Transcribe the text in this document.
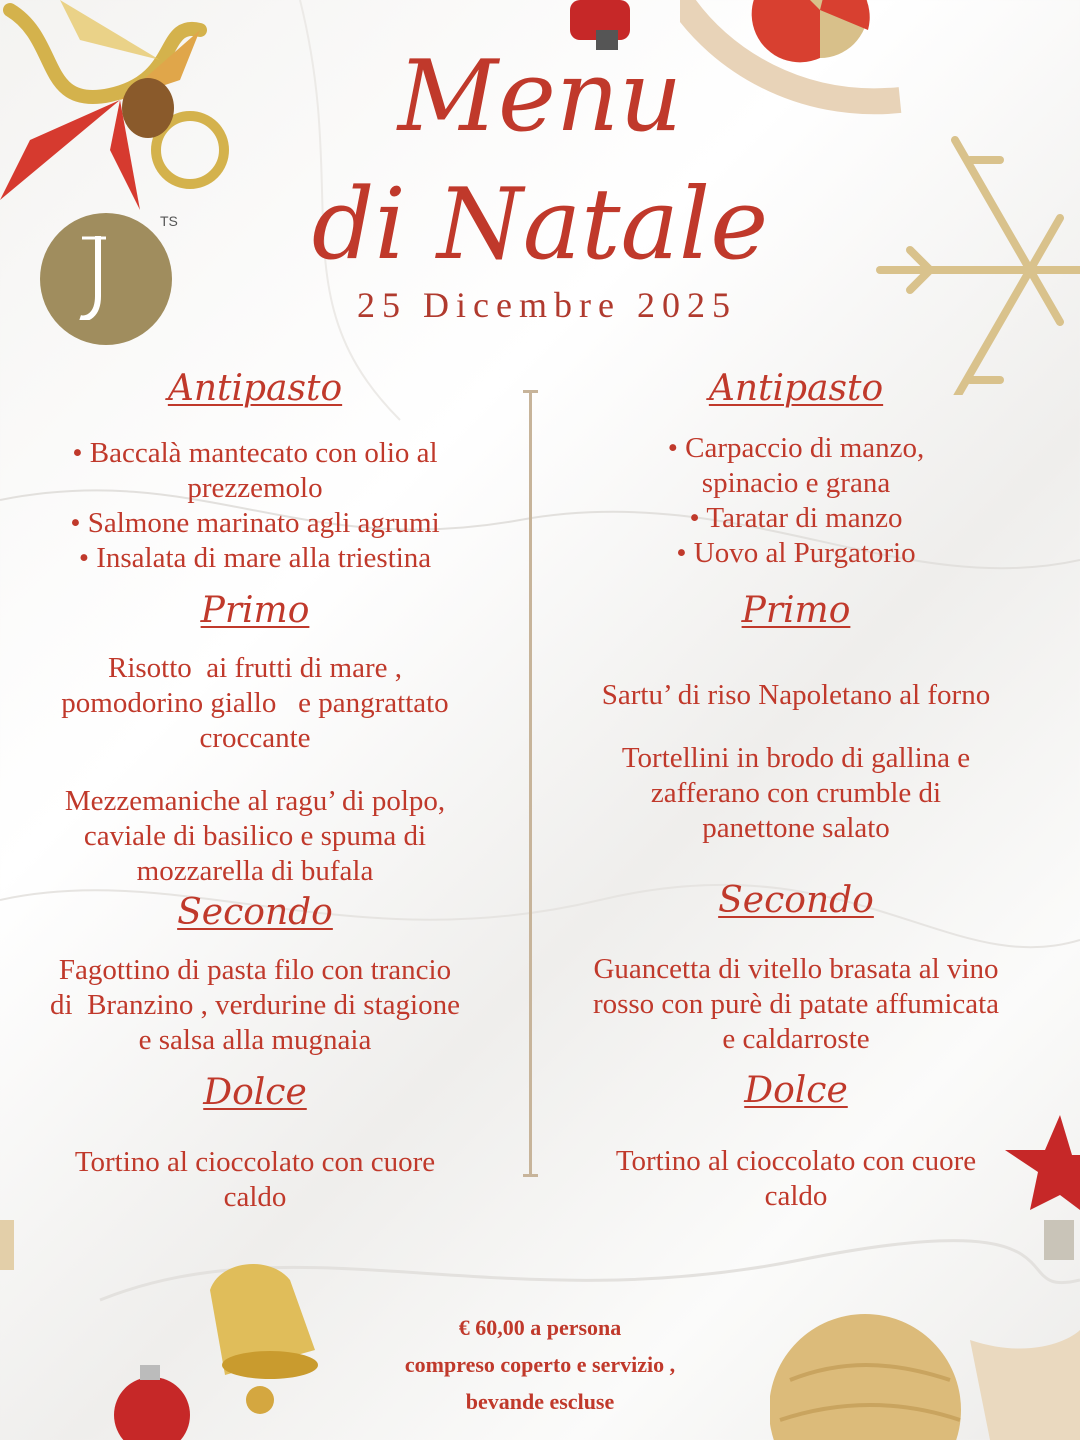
TS
Menu
di Natale
25 Dicembre 2025
Antipasto
• Baccalà mantecato con olio al
prezzemolo
• Salmone marinato agli agrumi
• Insalata di mare alla triestina
Primo
Risotto  ai frutti di mare ,
pomodorino giallo   e pangrattato
croccante
Mezzemaniche al ragu’ di polpo,
caviale di basilico e spuma di
mozzarella di bufala
Secondo
Fagottino di pasta filo con trancio
di  Branzino , verdurine di stagione
e salsa alla mugnaia
Dolce
Tortino al cioccolato con cuore
caldo
Antipasto
• Carpaccio di manzo,
spinacio e grana
• Taratar di manzo
• Uovo al Purgatorio
Primo
Sartu’ di riso Napoletano al forno
Tortellini in brodo di gallina e
zafferano con crumble di
panettone salato
Secondo
Guancetta di vitello brasata al vino
rosso con purè di patate affumicata
e caldarroste
Dolce
Tortino al cioccolato con cuore
caldo
€ 60,00 a persona
compreso coperto e servizio ,
bevande escluse
